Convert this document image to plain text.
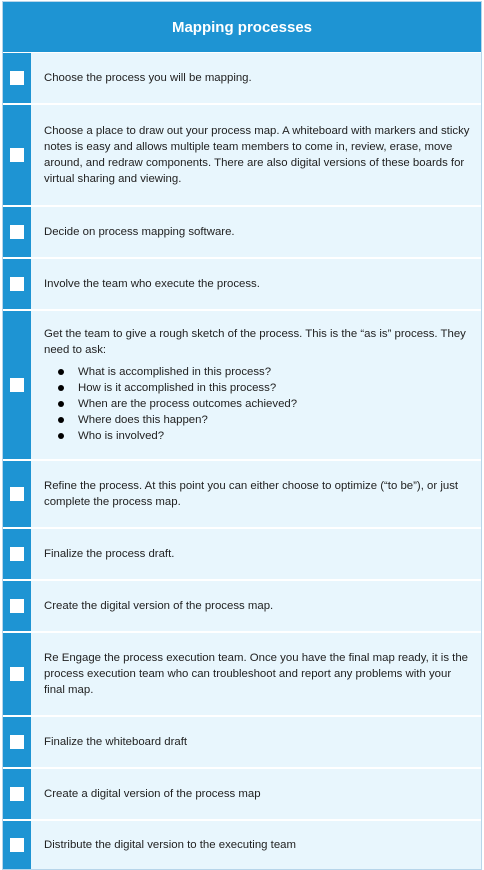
Mapping processes

Choose the process you will be mapping.

Choose a place to draw out your process map. A whiteboard with markers and sticky notes is easy and allows multiple team members to come in, review, erase, move around, and redraw components. There are also digital versions of these boards for virtual sharing and viewing.

Decide on process mapping software.

Involve the team who execute the process.

Get the team to give a rough sketch of the process. This is the “as is” process. They need to ask:

What is accomplished in this process?
How is it accomplished in this process?
When are the process outcomes achieved?
Where does this happen?
Who is involved?

Refine the process. At this point you can either choose to optimize (“to be”), or just complete the process map.

Finalize the process draft.

Create the digital version of the process map.

Re Engage the process execution team. Once you have the final map ready, it is the process execution team who can troubleshoot and report any problems with your final map.

Finalize the whiteboard draft

Create a digital version of the process map

Distribute the digital version to the executing team
